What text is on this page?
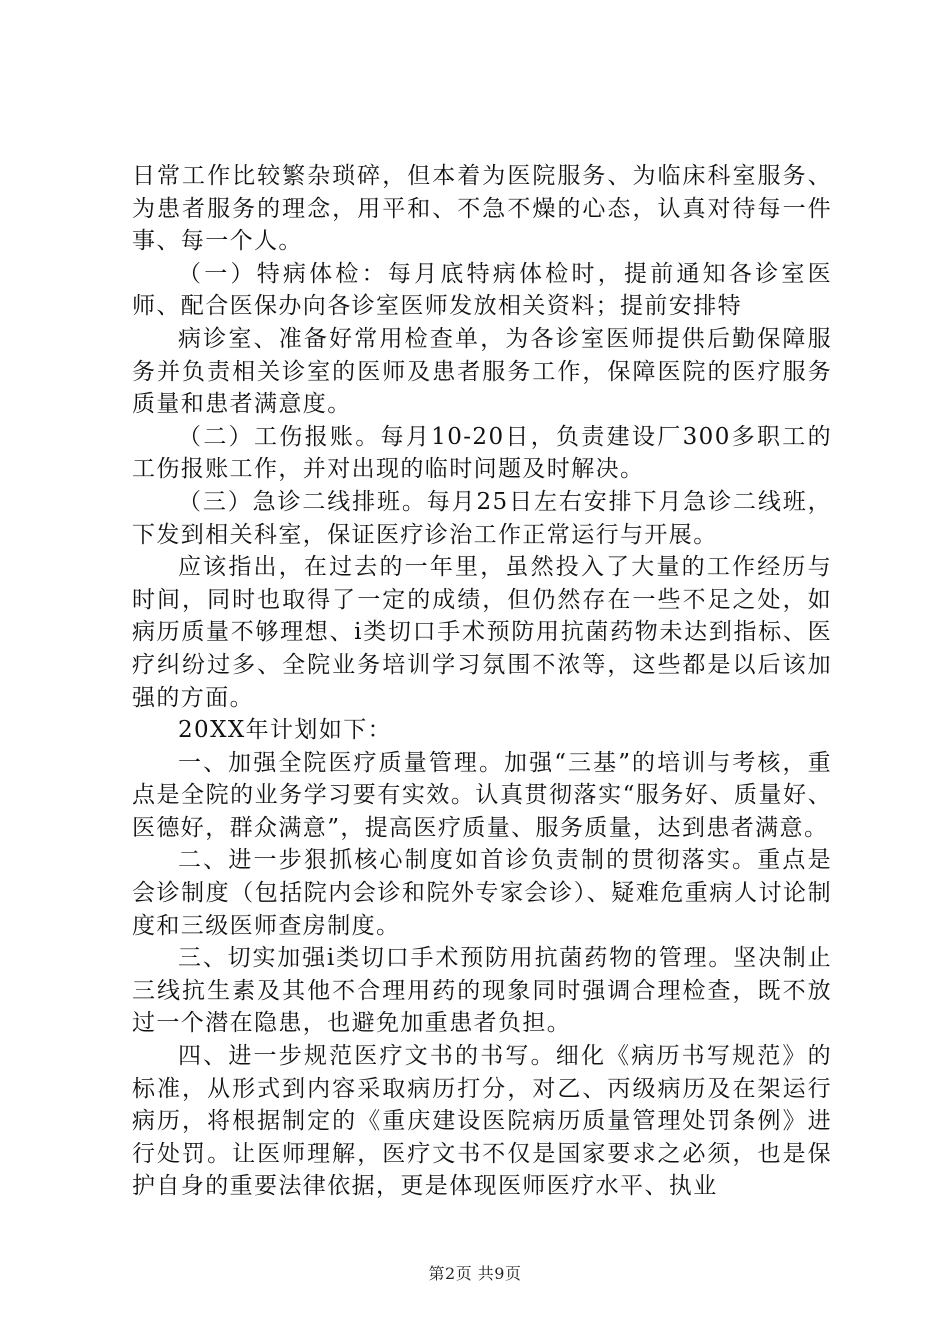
日常工作比较繁杂琐碎，但本着为医院服务、为临床科室服务、为患者服务的理念，用平和、不急不燥的心态，认真对待每一件事、每一个人。

（一）特病体检：每月底特病体检时，提前通知各诊室医师、配合医保办向各诊室医师发放相关资料；提前安排特

病诊室、准备好常用检查单，为各诊室医师提供后勤保障服务并负责相关诊室的医师及患者服务工作，保障医院的医疗服务质量和患者满意度。

（二）工伤报账。每月10-20日，负责建设厂300多职工的工伤报账工作，并对出现的临时问题及时解决。

（三）急诊二线排班。每月25日左右安排下月急诊二线班，下发到相关科室，保证医疗诊治工作正常运行与开展。

应该指出，在过去的一年里，虽然投入了大量的工作经历与时间，同时也取得了一定的成绩，但仍然存在一些不足之处，如病历质量不够理想、i类切口手术预防用抗菌药物未达到指标、医疗纠纷过多、全院业务培训学习氛围不浓等，这些都是以后该加强的方面。

20XX年计划如下：

一、加强全院医疗质量管理。加强“三基”的培训与考核，重点是全院的业务学习要有实效。认真贯彻落实“服务好、质量好、医德好，群众满意”，提高医疗质量、服务质量，达到患者满意。

二、进一步狠抓核心制度如首诊负责制的贯彻落实。重点是会诊制度（包括院内会诊和院外专家会诊）、疑难危重病人讨论制度和三级医师查房制度。

三、切实加强i类切口手术预防用抗菌药物的管理。坚决制止三线抗生素及其他不合理用药的现象同时强调合理检查，既不放过一个潜在隐患，也避免加重患者负担。

四、进一步规范医疗文书的书写。细化《病历书写规范》的标准，从形式到内容采取病历打分，对乙、丙级病历及在架运行病历，将根据制定的《重庆建设医院病历质量管理处罚条例》进行处罚。让医师理解，医疗文书不仅是国家要求之必须，也是保护自身的重要法律依据，更是体现医师医疗水平、执业

第2页 共9页
